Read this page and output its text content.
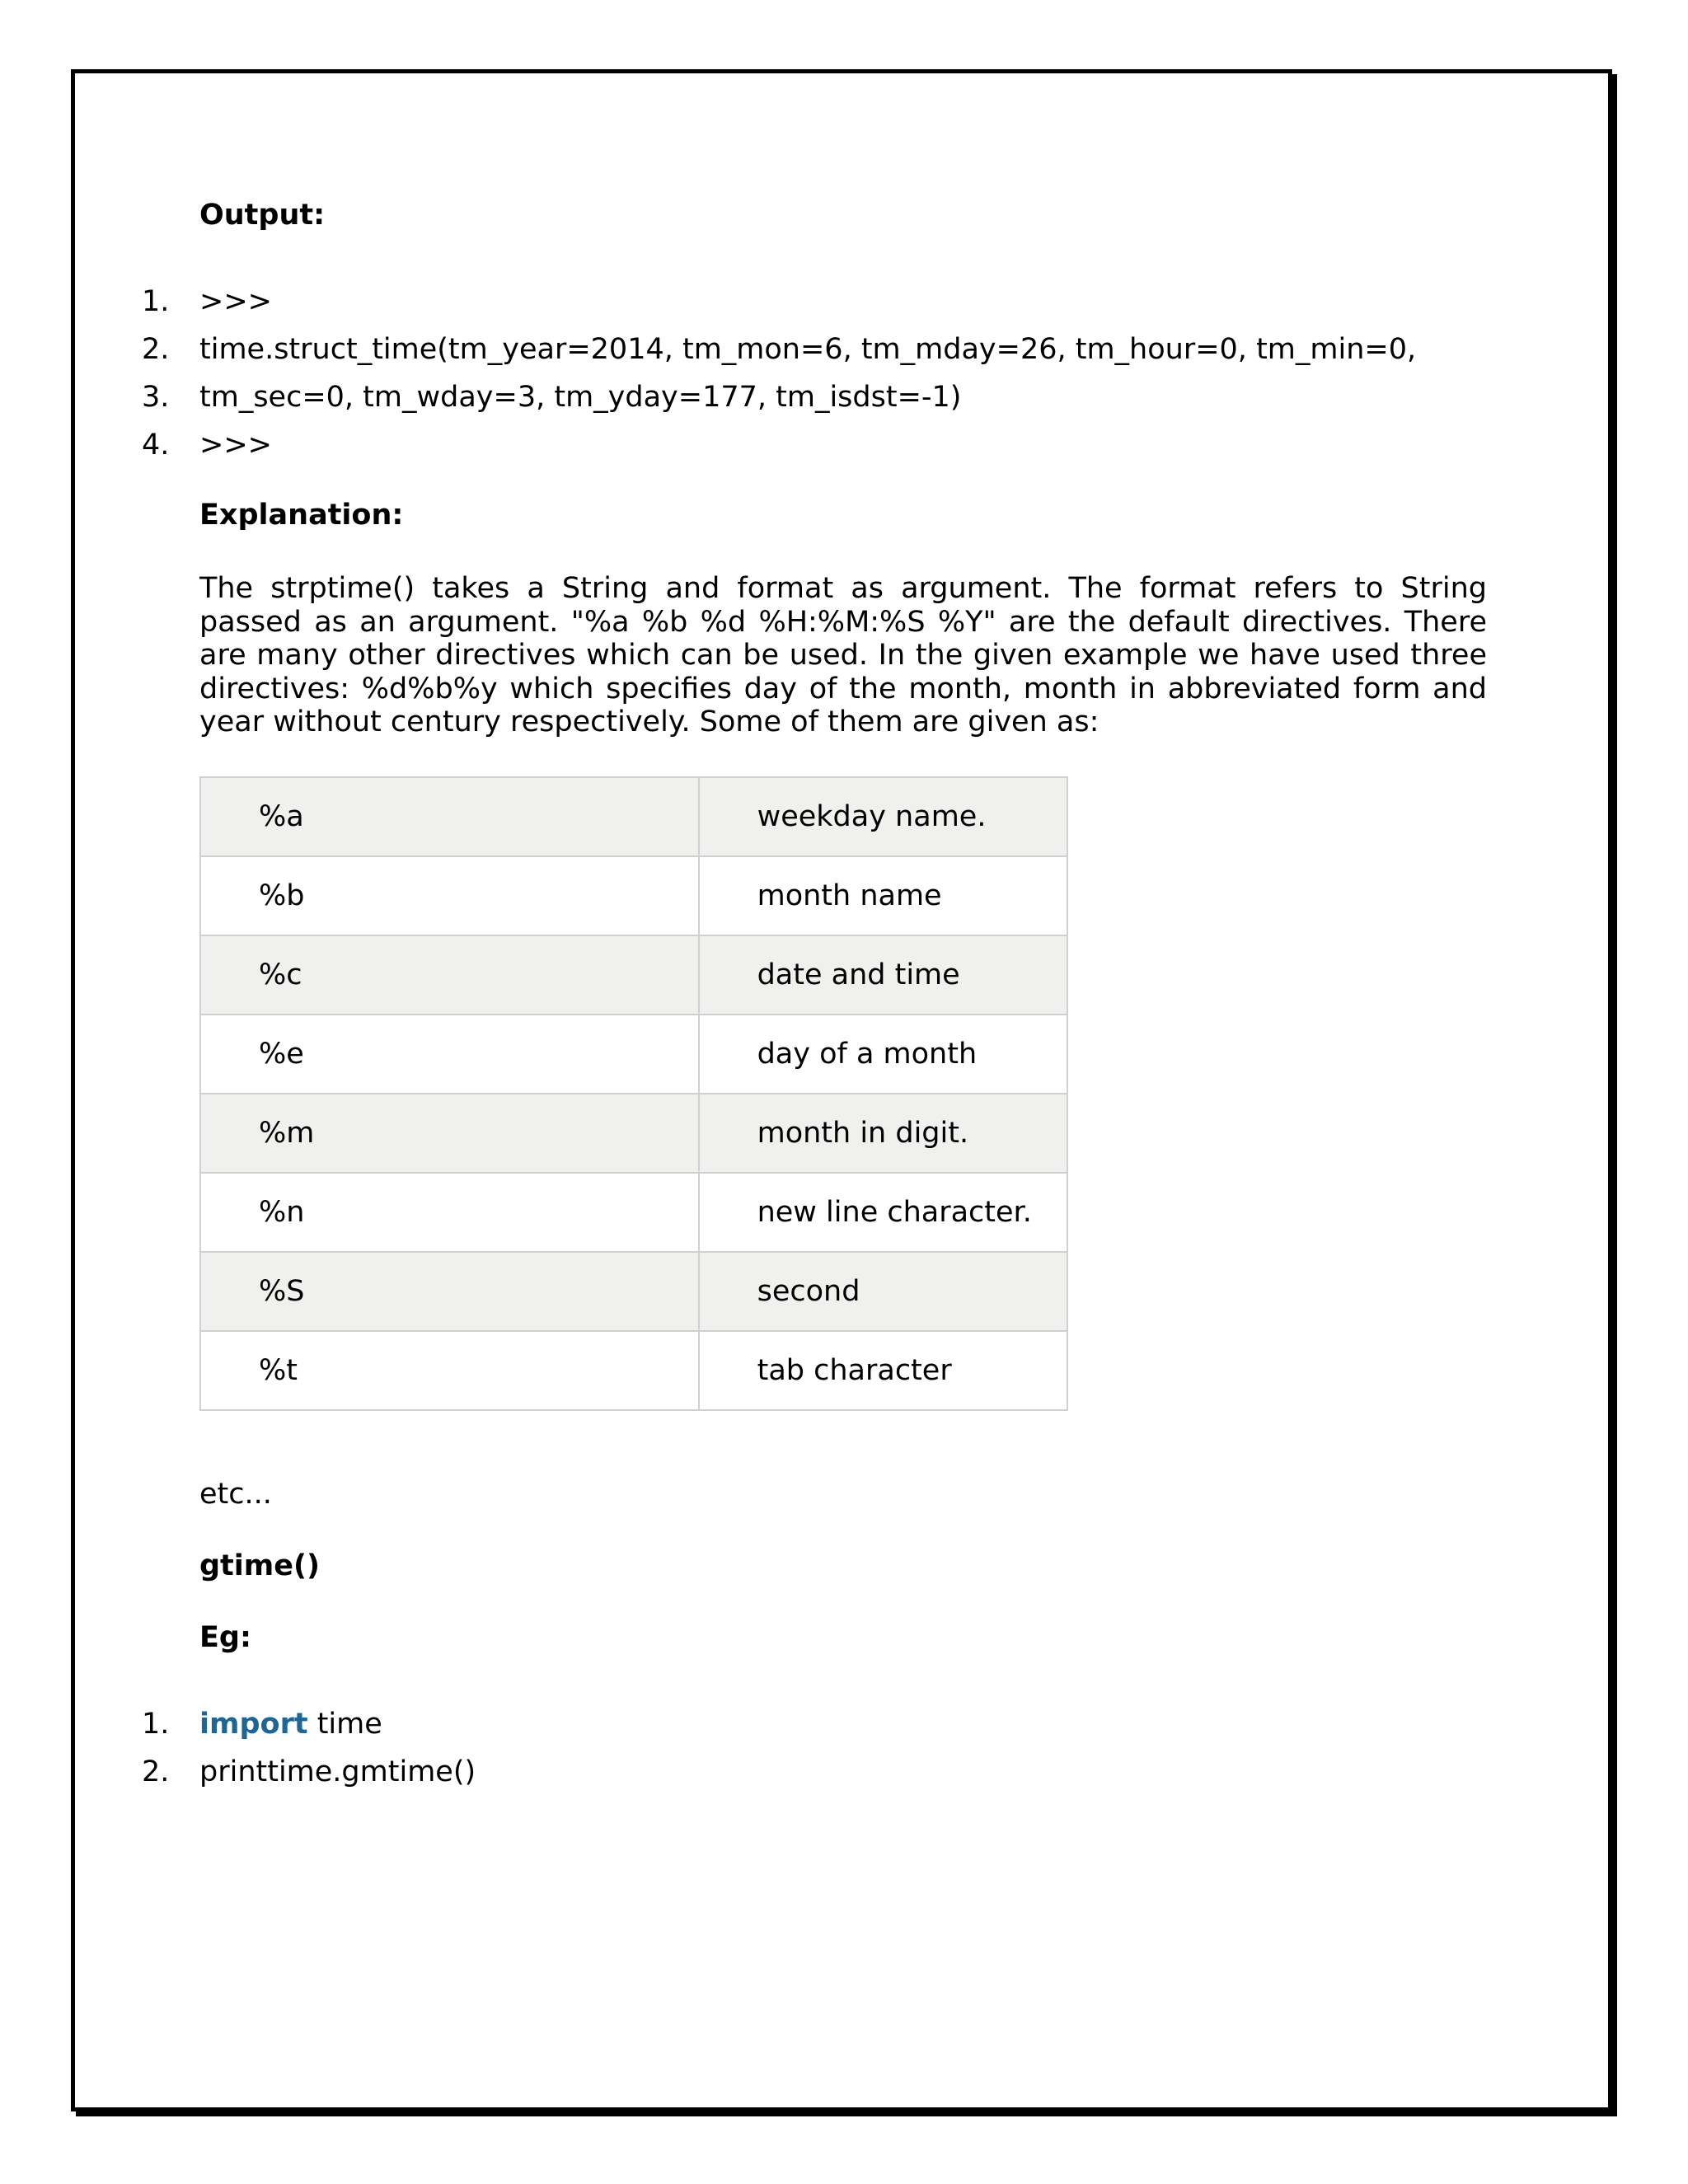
Output:
1.	>>>
2.	time.struct_time(tm_year=2014, tm_mon=6, tm_mday=26, tm_hour=0, tm_min=0,
3.	tm_sec=0, tm_wday=3, tm_yday=177, tm_isdst=-1)
4.	>>>
Explanation:

The strptime() takes a String and format as argument. The format refers to String passed as an argument. "%a %b %d %H:%M:%S %Y" are the default directives. There are many other directives which can be used. In the given example we have used three directives: %d%b%y which specifies day of the month, month in abbreviated form and year without century respectively. Some of them are given as:

%a	weekday name.
%b	month name
%c	date and time
%e	day of a month
%m	month in digit.
%n	new line character.
%S	second
%t	tab character
etc...
gtime()
Eg:
1.	import time
2.	printtime.gmtime()
